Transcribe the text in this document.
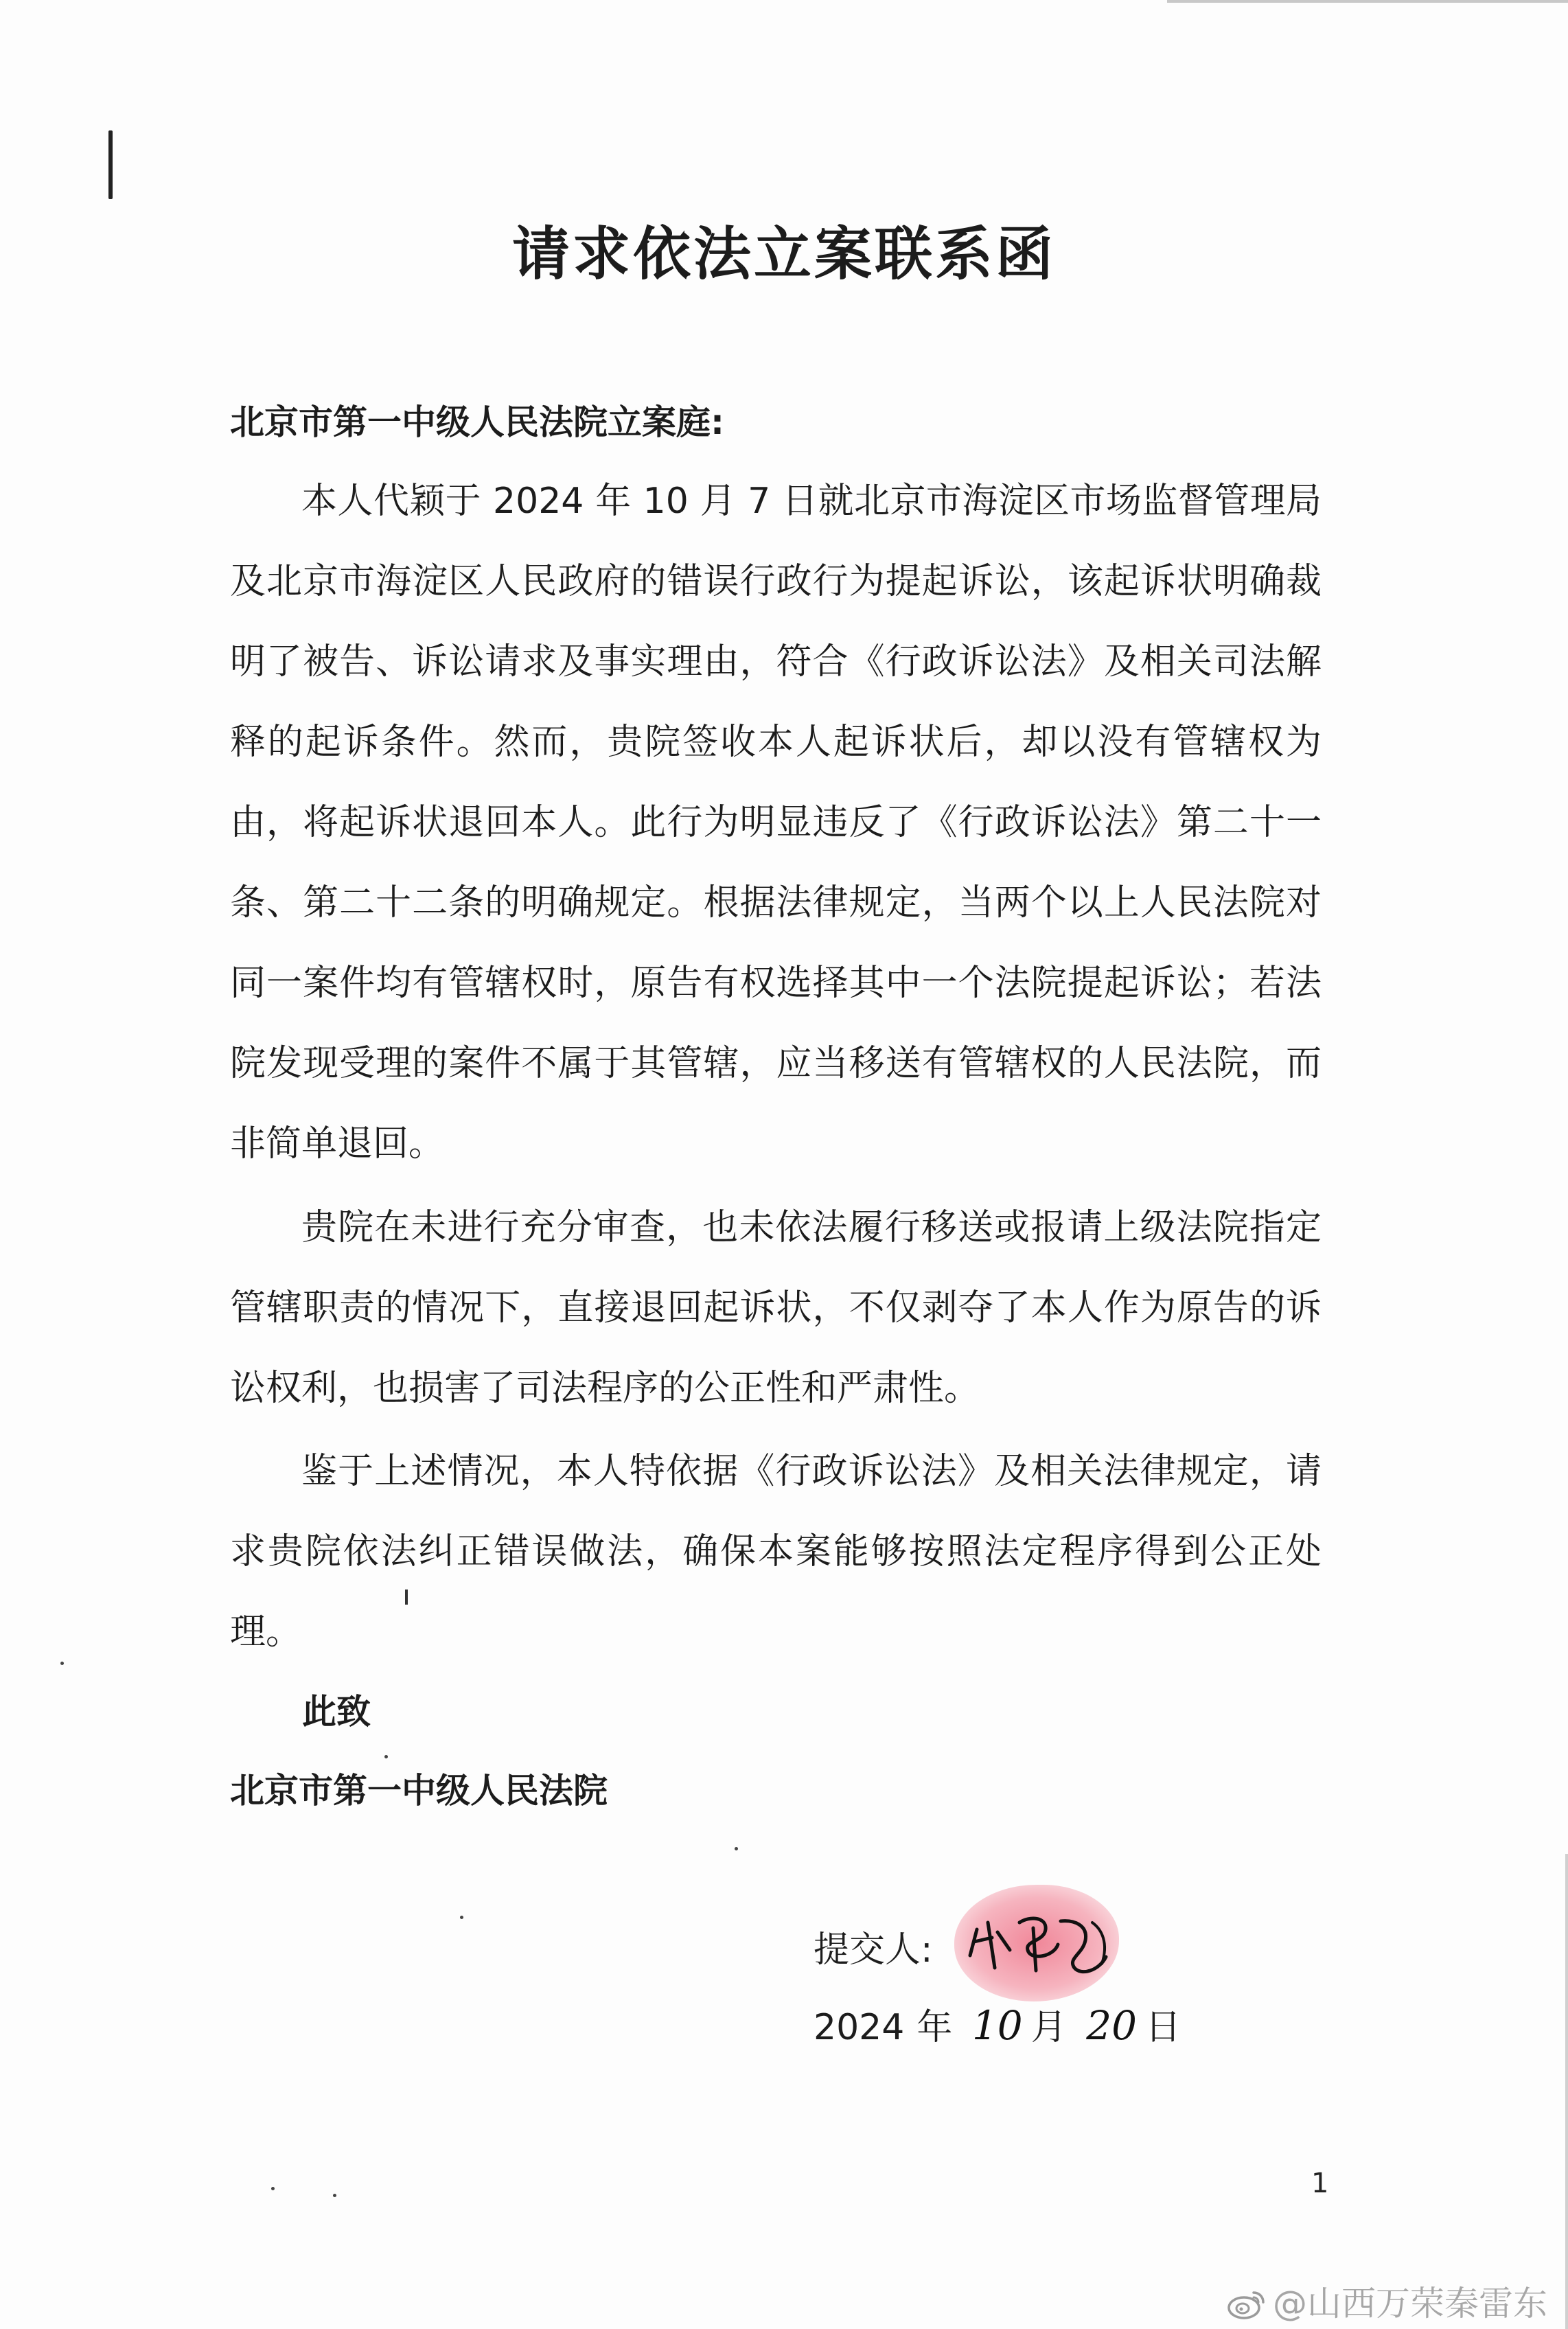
请求依法立案联系函
北京市第一中级人民法院立案庭:

本人代颖于 2024 年 10 月 7 日就北京市海淀区市场监督管理局及北京市海淀区人民政府的错误行政行为提起诉讼，该起诉状明确裁明了被告、诉讼请求及事实理由，符合《行政诉讼法》及相关司法解释的起诉条件。然而，贵院签收本人起诉状后，却以没有管辖权为由，将起诉状退回本人。此行为明显违反了《行政诉讼法》第二十一条、第二十二条的明确规定。根据法律规定，当两个以上人民法院对同一案件均有管辖权时，原告有权选择其中一个法院提起诉讼；若法院发现受理的案件不属于其管辖，应当移送有管辖权的人民法院，而非简单退回。

贵院在未进行充分审查，也未依法履行移送或报请上级法院指定管辖职责的情况下，直接退回起诉状，不仅剥夺了本人作为原告的诉讼权利，也损害了司法程序的公正性和严肃性。

鉴于上述情况，本人特依据《行政诉讼法》及相关法律规定，请求贵院依法纠正错误做法，确保本案能够按照法定程序得到公正处理。

此致
北京市第一中级人民法院
提交人:
2024 年 10 月 20 日
1
@山西万荣秦雷东
